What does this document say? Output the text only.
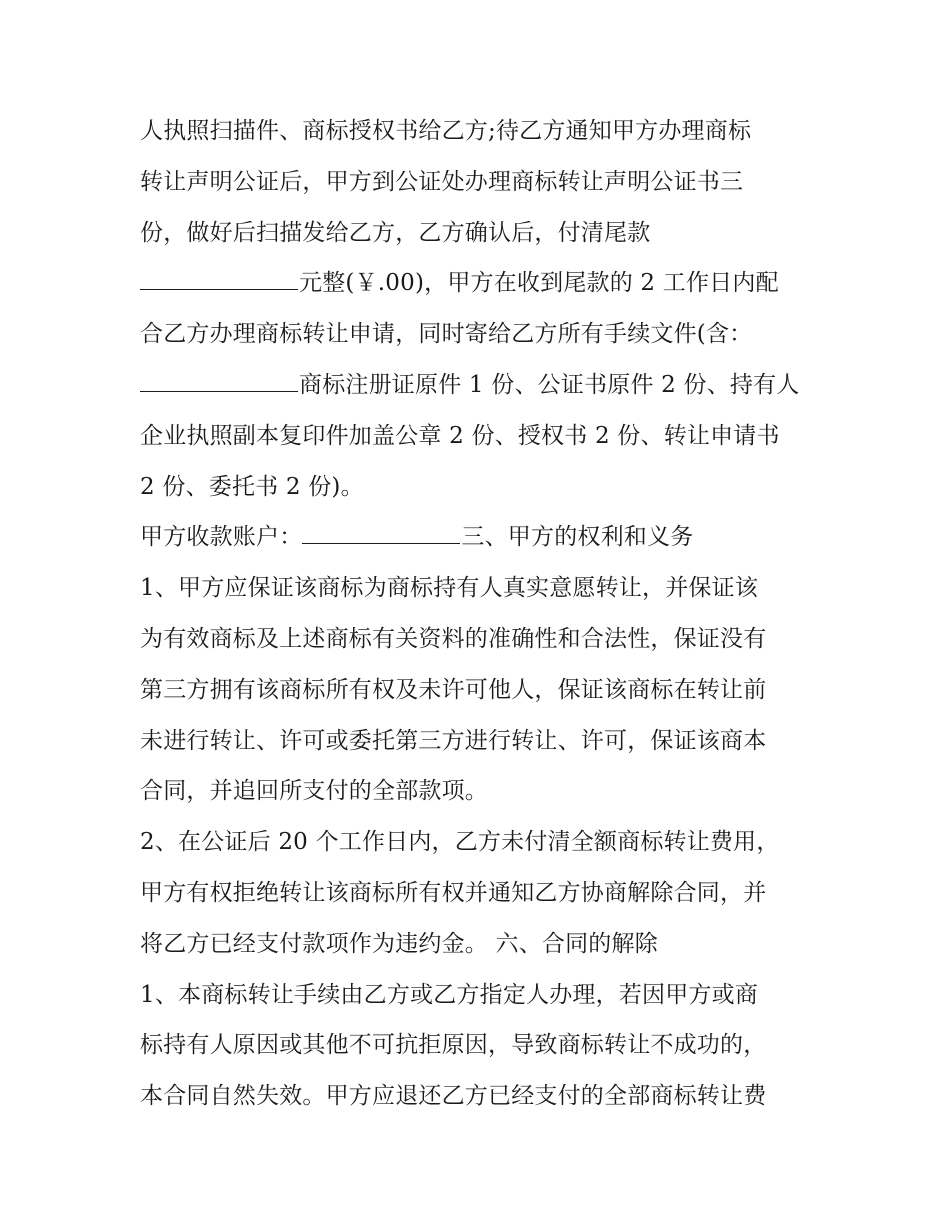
人执照扫描件、商标授权书给乙方;待乙方通知甲方办理商标
转让声明公证后，甲方到公证处办理商标转让声明公证书三
份，做好后扫描发给乙方，乙方确认后，付清尾款
元整(￥.00)，甲方在收到尾款的 2 工作日内配
合乙方办理商标转让申请，同时寄给乙方所有手续文件(含：
商标注册证原件 1 份、公证书原件 2 份、持有人
企业执照副本复印件加盖公章 2 份、授权书 2 份、转让申请书
2 份、委托书 2 份)。
甲方收款账户：	三、甲方的权利和义务
1、甲方应保证该商标为商标持有人真实意愿转让，并保证该
为有效商标及上述商标有关资料的准确性和合法性，保证没有
第三方拥有该商标所有权及未许可他人，保证该商标在转让前
未进行转让、许可或委托第三方进行转让、许可，保证该商本
合同，并追回所支付的全部款项。
2、在公证后 20 个工作日内，乙方未付清全额商标转让费用，
甲方有权拒绝转让该商标所有权并通知乙方协商解除合同，并
将乙方已经支付款项作为违约金。 六、合同的解除
1、本商标转让手续由乙方或乙方指定人办理，若因甲方或商
标持有人原因或其他不可抗拒原因，导致商标转让不成功的，
本合同自然失效。甲方应退还乙方已经支付的全部商标转让费
